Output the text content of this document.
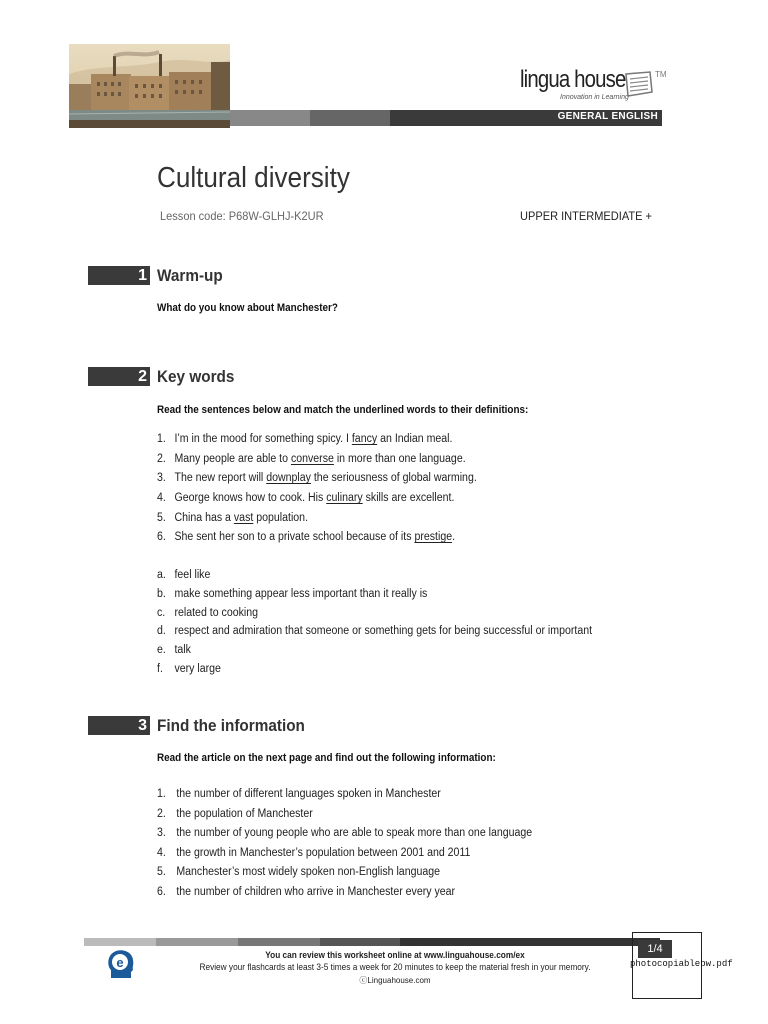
lingua house
Innovation in Learning
TM
GENERAL ENGLISH
Cultural diversity
Lesson code: P68W-GLHJ-K2UR	UPPER INTERMEDIATE +
1 Warm-up
What do you know about Manchester?
2 Key words
Read the sentences below and match the underlined words to their definitions:
1. I’m in the mood for something spicy. I fancy an Indian meal.
2. Many people are able to converse in more than one language.
3. The new report will downplay the seriousness of global warming.
4. George knows how to cook. His culinary skills are excellent.
5. China has a vast population.
6. She sent her son to a private school because of its prestige.
a. feel like
b. make something appear less important than it really is
c. related to cooking
d. respect and admiration that someone or something gets for being successful or important
e. talk
f. very large
3 Find the information
Read the article on the next page and find out the following information:
1. the number of different languages spoken in Manchester
2. the population of Manchester
3. the number of young people who are able to speak more than one language
4. the growth in Manchester’s population between 2001 and 2011
5. Manchester’s most widely spoken non-English language
6. the number of children who arrive in Manchester every year
e	You can review this worksheet online at www.linguahouse.com/ex
Review your flashcards at least 3-5 times a week for 20 minutes to keep the material fresh in your memory.
ⓒLinguahouse.com
1/4
photocopiablebw.pdf
